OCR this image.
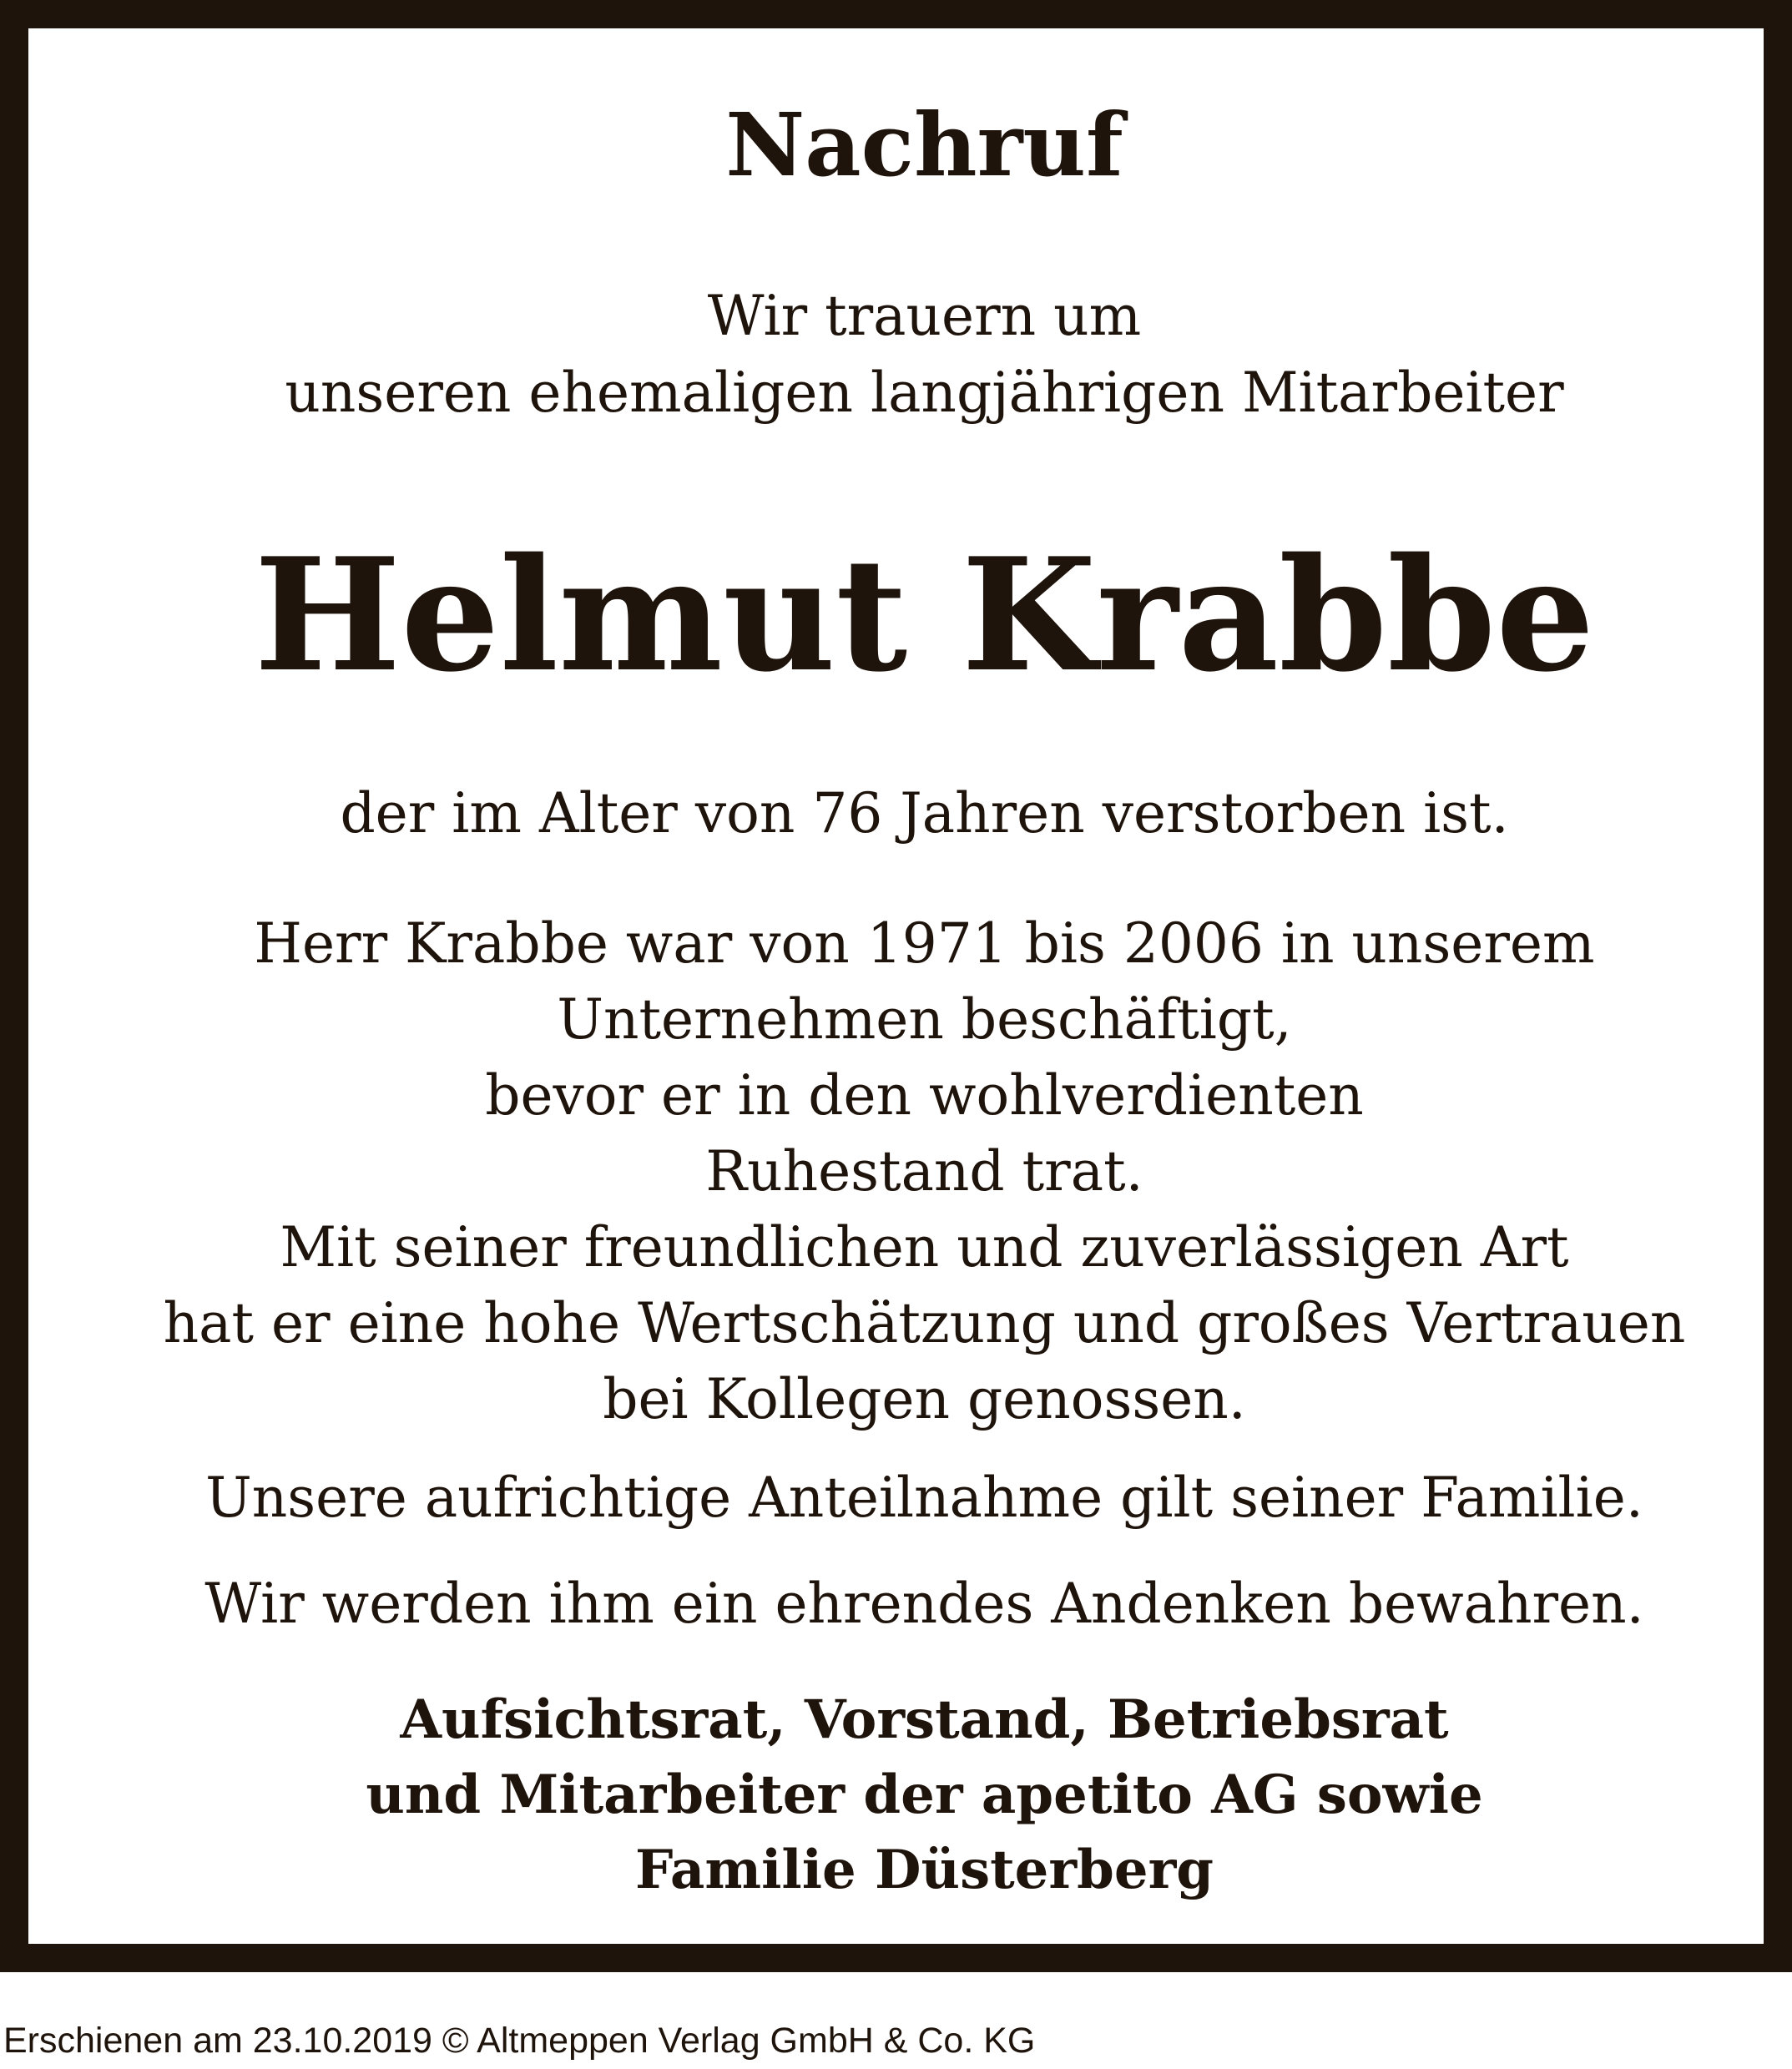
Nachruf
Wir trauern um
unseren ehemaligen langjährigen Mitarbeiter
Helmut Krabbe
der im Alter von 76 Jahren verstorben ist.
Herr Krabbe war von 1971 bis 2006 in unserem
Unternehmen beschäftigt,
bevor er in den wohlverdienten
Ruhestand trat.
Mit seiner freundlichen und zuverlässigen Art
hat er eine hohe Wertschätzung und großes Vertrauen
bei Kollegen genossen.
Unsere aufrichtige Anteilnahme gilt seiner Familie.
Wir werden ihm ein ehrendes Andenken bewahren.
Aufsichtsrat, Vorstand, Betriebsrat
und Mitarbeiter der apetito AG sowie
Familie Düsterberg
Erschienen am 23.10.2019 © Altmeppen Verlag GmbH & Co. KG
